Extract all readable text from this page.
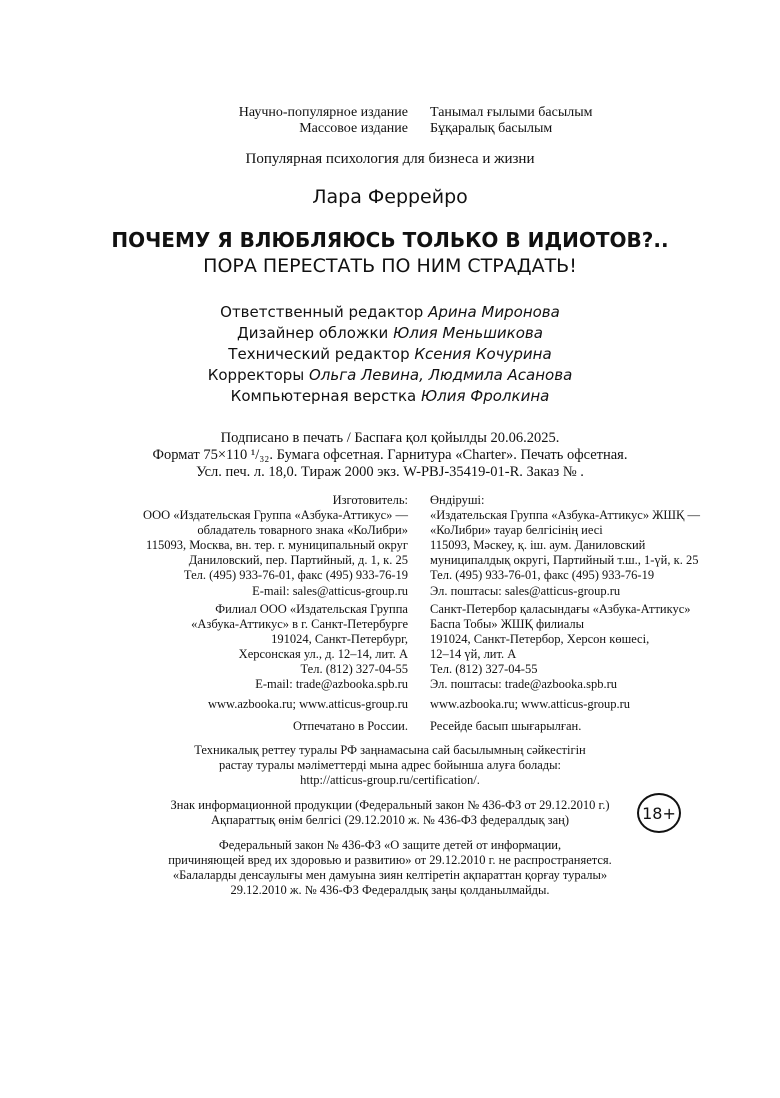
Научно-популярное издание
Массовое издание
Танымал ғылыми басылым
Бұқаралық басылым
Популярная психология для бизнеса и жизни
Лара Феррейро
ПОЧЕМУ Я ВЛЮБЛЯЮСЬ ТОЛЬКО В ИДИОТОВ?..
ПОРА ПЕРЕСТАТЬ ПО НИМ СТРАДАТЬ!
Ответственный редактор Арина Миронова
Дизайнер обложки Юлия Меньшикова
Технический редактор Ксения Кочурина
Корректоры Ольга Левина, Людмила Асанова
Компьютерная верстка Юлия Фролкина
Подписано в печать / Баспаға қол қойылды 20.06.2025.
Формат 75×110 ¹/₃₂. Бумага офсетная. Гарнитура «Charter». Печать офсетная.
Усл. печ. л. 18,0. Тираж 2000 экз. W-PBJ-35419-01-R. Заказ № .
Изготовитель:
ООО «Издательская Группа «Азбука-Аттикус» —
обладатель товарного знака «КоЛибри»
115093, Москва, вн. тер. г. муниципальный округ
Даниловский, пер. Партийный, д. 1, к. 25
Тел. (495) 933-76-01, факс (495) 933-76-19
E-mail: sales@atticus-group.ru
Өндіруші:
«Издательская Группа «Азбука-Аттикус» ЖШҚ —
«КоЛибри» тауар белгісінің иесі
115093, Мәскеу, қ. іш. аум. Даниловский
муниципалдық округі, Партийный т.ш., 1-үй, к. 25
Тел. (495) 933-76-01, факс (495) 933-76-19
Эл. поштасы: sales@atticus-group.ru
Филиал ООО «Издательская Группа
«Азбука-Аттикус» в г. Санкт-Петербурге
191024, Санкт-Петербург,
Херсонская ул., д. 12–14, лит. А
Тел. (812) 327-04-55
E-mail: trade@azbooka.spb.ru
Санкт-Петербор қаласындағы «Азбука-Аттикус»
Баспа Тобы» ЖШҚ филиалы
191024, Санкт-Петербор, Херсон көшесі,
12–14 үй, лит. А
Тел. (812) 327-04-55
Эл. поштасы: trade@azbooka.spb.ru
www.azbooka.ru; www.atticus-group.ru www.azbooka.ru; www.atticus-group.ru
Отпечатано в России. Ресейде басып шығарылған.
Техникалық реттеу туралы РФ заңнамасына сай басылымның сәйкестігін
растау туралы мәліметтерді мына адрес бойынша алуға болады:
http://atticus-group.ru/certification/.
Знак информационной продукции (Федеральный закон № 436-ФЗ от 29.12.2010 г.)
Ақпараттық өнім белгісі (29.12.2010 ж. № 436-ФЗ федералдық заң)	18+
Федеральный закон № 436-ФЗ «О защите детей от информации,
причиняющей вред их здоровью и развитию» от 29.12.2010 г. не распространяется.
«Балаларды денсаулығы мен дамуына зиян келтіретін ақпараттан қорғау туралы»
29.12.2010 ж. № 436-ФЗ Федералдық заңы қолданылмайды.
